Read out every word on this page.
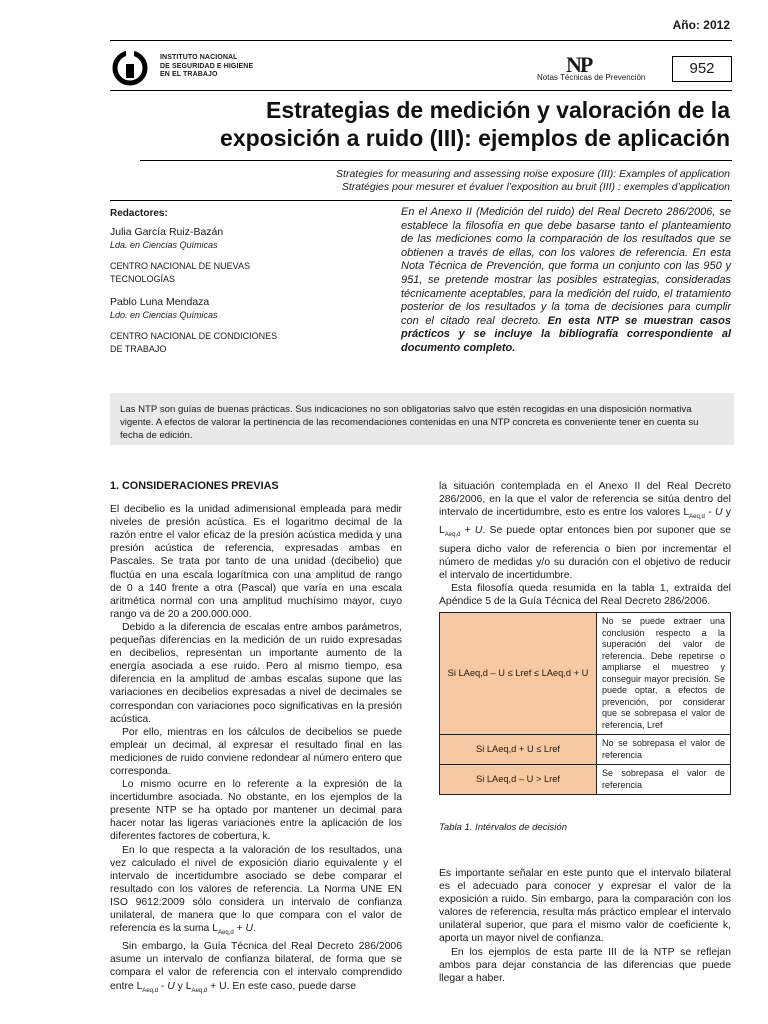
Año: 2012
INSTITUTO NACIONAL
DE SEGURIDAD E HIGIENE
EN EL TRABAJO	NP
Notas Técnicas de Prevención
952
Estrategias de medición y valoración de la
exposición a ruido (III): ejemplos de aplicación
Strategies for measuring and assessing noise exposure (III): Examples of application
Stratégies pour mesurer et évaluer l’exposition au bruit (III) : exemples d’application
Redactores:
Julia García Ruiz-Bazán
Lda. en Ciencias Químicas
CENTRO NACIONAL DE NUEVAS
TECNOLOGÍAS
Pablo Luna Mendaza
Ldo. en Ciencias Químicas
CENTRO NACIONAL DE CONDICIONES
DE TRABAJO
En el Anexo II (Medición del ruido) del Real Decreto 286/2006, se establece la filosofía en que debe basarse tanto el planteamiento de las mediciones como la comparación de los resultados que se obtienen a través de ellas, con los valores de referencia. En esta Nota Técnica de Prevención, que forma un conjunto con las 950 y 951, se pretende mostrar las posibles estrategias, consideradas técnicamente aceptables, para la medición del ruido, el tratamiento posterior de los resultados y la toma de decisiones para cumplir con el citado real decreto. En esta NTP se muestran casos prácticos y se incluye la bibliografía correspondiente al documento completo.
Las NTP son guías de buenas prácticas. Sus indicaciones no son obligatorias salvo que estén recogidas en una disposición normativa vigente. A efectos de valorar la pertinencia de las recomendaciones contenidas en una NTP concreta es conveniente tener en cuenta su fecha de edición.

1. CONSIDERACIONES PREVIAS

El decibelio es la unidad adimensional empleada para medir niveles de presión acústica. Es el logaritmo decimal de la razón entre el valor eficaz de la presión acústica medida y una presión acústica de referencia, expresadas ambas en Pascales. Se trata por tanto de una unidad (decibelio) que fluctúa en una escala logarítmica con una amplitud de rango de 0 a 140 frente a otra (Pascal) que varía en una escala aritmética normal con una amplitud muchísimo mayor, cuyo rango va de 20 a 200.000.000.

Debido a la diferencia de escalas entre ambos parámetros, pequeñas diferencias en la medición de un ruido expresadas en decibelios, representan un importante aumento de la energía asociada a ese ruido. Pero al mismo tiempo, esa diferencia en la amplitud de ambas escalas supone que las variaciones en decibelios expresadas a nivel de decimales se correspondan con variaciones poco significativas en la presión acústica.

Por ello, mientras en los cálculos de decibelios se puede emplear un decimal, al expresar el resultado final en las mediciones de ruido conviene redondear al número entero que corresponda.

Lo mismo ocurre en lo referente a la expresión de la incertidumbre asociada. No obstante, en los ejemplos de la presente NTP se ha optado por mantener un decimal para hacer notar las ligeras variaciones entre la aplicación de los diferentes factores de cobertura, k.

En lo que respecta a la valoración de los resultados, una vez calculado el nivel de exposición diario equivalente y el intervalo de incertidumbre asociado se debe comparar el resultado con los valores de referencia. La Norma UNE EN ISO 9612:2009 sólo considera un intervalo de confianza unilateral, de manera que lo que compara con el valor de referencia es la suma $L_{Aeq,d} + U$.

Sin embargo, la Guía Técnica del Real Decreto 286/2006 asume un intervalo de confianza bilateral, de forma que se compara el valor de referencia con el intervalo comprendido entre $L_{Aeq,d}$ - U y $L_{Aeq,d} + U$. En este caso, puede darse

la situación contemplada en el Anexo II del Real Decreto 286/2006, en la que el valor de referencia se sitúa dentro del intervalo de incertidumbre, esto es entre los valores $L_{Aeq,d}$ - U y $L_{Aeq,d} + U$. Se puede optar entonces bien por suponer que se supera dicho valor de referencia o bien por incrementar el número de medidas y/o su duración con el objetivo de reducir el intervalo de incertidumbre.

Esta filosofía queda resumida en la tabla 1, extraída del Apéndice 5 de la Guía Técnica del Real Decreto 286/2006.

Si LAeq,d – U ≤ Lref ≤ LAeq,d + U	No se puede extraer una conclusión respecto a la superación del valor de referencia. Debe repetirse o ampliarse el muestreo y conseguir mayor precisión. Se puede optar, a efectos de prevención, por considerar que se sobrepasa el valor de referencia, Lref
Si LAeq,d + U ≤ Lref	No se sobrepasa el valor de referencia
Si LAeq,d – U > Lref	Se sobrepasa el valor de referencia
Tabla 1. Intérvalos de decisión

Es importante señalar en este punto que el intervalo bilateral es el adecuado para conocer y expresar el valor de la exposición a ruido. Sin embargo, para la comparación con los valores de referencia, resulta más práctico emplear el intervalo unilateral superior, que para el mismo valor de coeficiente k, aporta un mayor nivel de confianza.

En los ejemplos de esta parte III de la NTP se reflejan ambos para dejar constancia de las diferencias que puede llegar a haber.
